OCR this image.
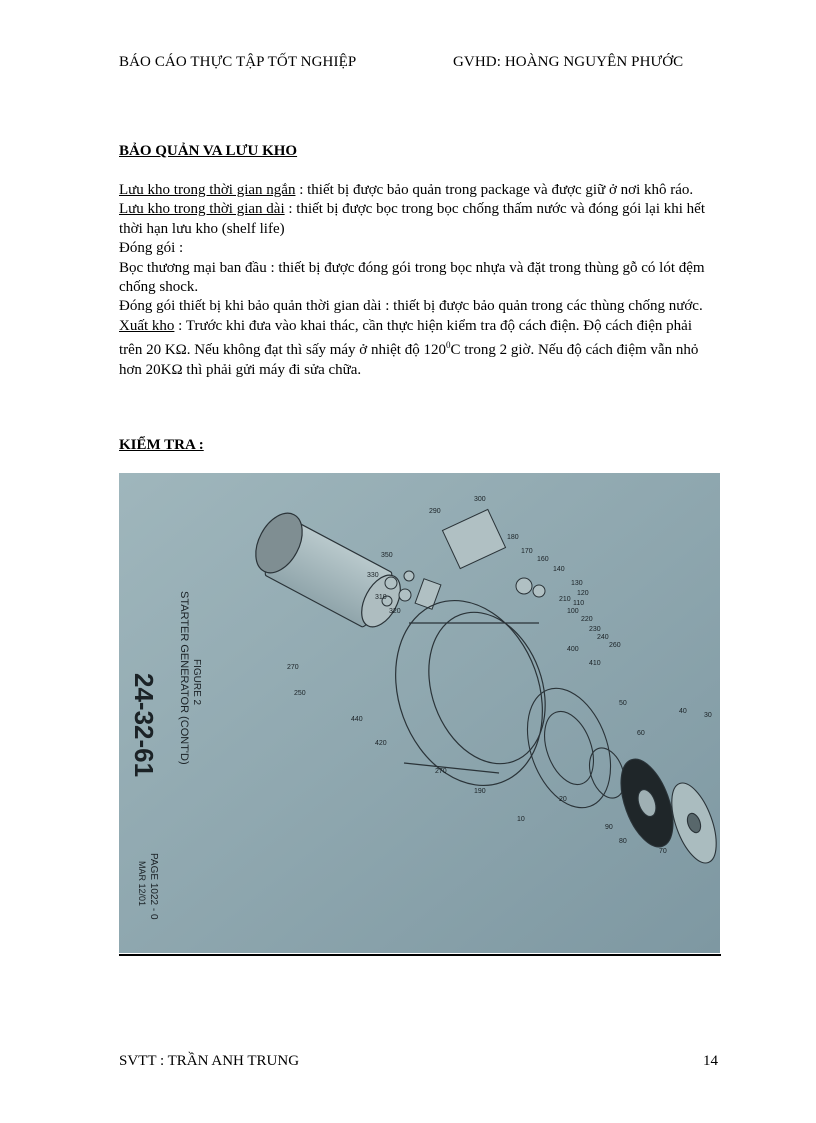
BÁO CÁO THỰC TẬP TỐT NGHIỆP	GVHD: HOÀNG NGUYÊN PHƯỚC
BẢO QUẢN VA LƯU KHO

Lưu kho trong thời gian ngắn : thiết bị được bảo quản trong package và được giữ ở nơi khô ráo.

Lưu kho trong thời gian dài : thiết bị được bọc trong bọc chống thấm nước và đóng gói lại khi hết thời hạn lưu kho (shelf life)

Đóng gói :

Bọc thương mại ban đầu : thiết bị được đóng gói trong bọc nhựa và đặt trong thùng gỗ có lót đệm chống shock.

Đóng gói thiết bị khi bảo quản thời gian dài : thiết bị được bảo quản trong các thùng chống nước.

Xuất kho : Trước khi đưa vào khai thác, cần thực hiện kiểm tra độ cách điện. Độ cách điện phải trên 20 KΩ. Nếu không đạt thì sấy máy ở nhiệt độ $120^0C$ trong 2 giờ. Nếu độ cách điệm vẫn nhỏ hơn 20KΩ thì phải gửi máy đi sửa chữa.

KIỂM TRA :
STARTER GENERATOR (CONT'D) FIGURE 2
24-32-61
PAGE 1022 - 0
MAR 12/01
300
290
180
170
160
140
130
120
110
100
210
220
230
240
260
350
330
310
320
250
270
400
410
440
420
270
190
20
30
40
50
60
70
80
90
10
SVTT : TRẦN ANH TRUNG	14
